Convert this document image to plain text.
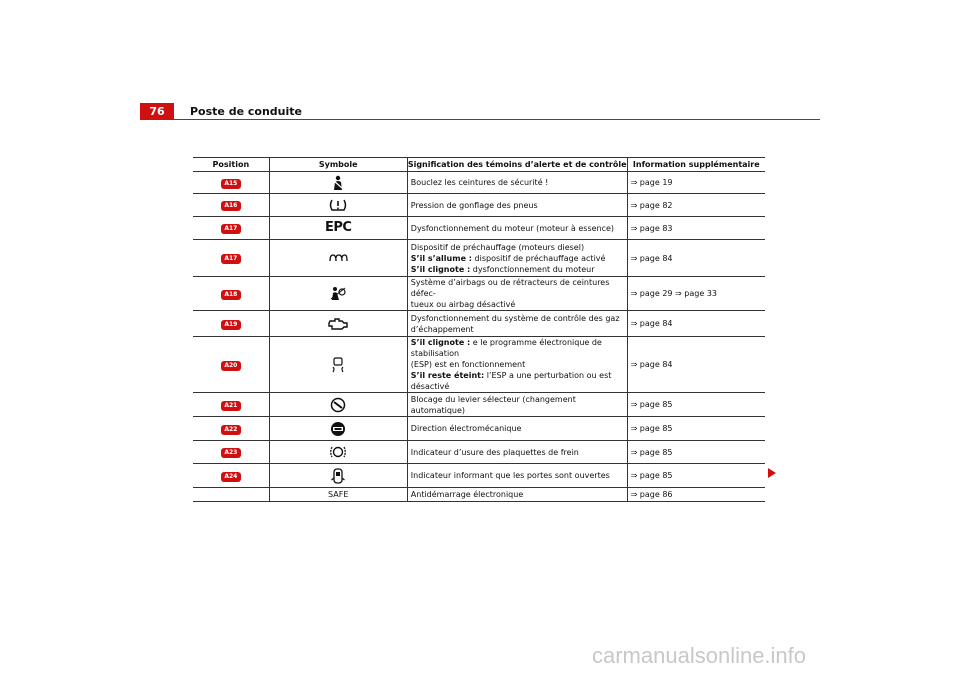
76	Poste de conduite
Position	Symbole	Signification des témoins d’alerte et de contrôle	Information supplémentaire
A15		Bouclez les ceintures de sécurité !	⇒ page 19
A16		Pression de gonflage des pneus	⇒ page 82
A17	EPC	Dysfonctionnement du moteur (moteur à essence)	⇒ page 83
A17		Dispositif de préchauffage (moteurs diesel)
S’il s’allume : dispositif de préchauffage activé
S’il clignote : dysfonctionnement du moteur	⇒ page 84
A18		Système d’airbags ou de rétracteurs de ceintures défec-
tueux ou airbag désactivé	⇒ page 29 ⇒ page 33
A19		Dysfonctionnement du système de contrôle des gaz
d’échappement	⇒ page 84
A20		S’il clignote : e le programme électronique de stabilisation
(ESP) est en fonctionnement
S’il reste éteint: l’ESP a une perturbation ou est désactivé	⇒ page 84
A21		Blocage du levier sélecteur (changement automatique)	⇒ page 85
A22		Direction électromécanique	⇒ page 85
A23		Indicateur d’usure des plaquettes de frein	⇒ page 85
A24		Indicateur informant que les portes sont ouvertes	⇒ page 85
	SAFE	Antidémarrage électronique	⇒ page 86
carmanualsonline.info
